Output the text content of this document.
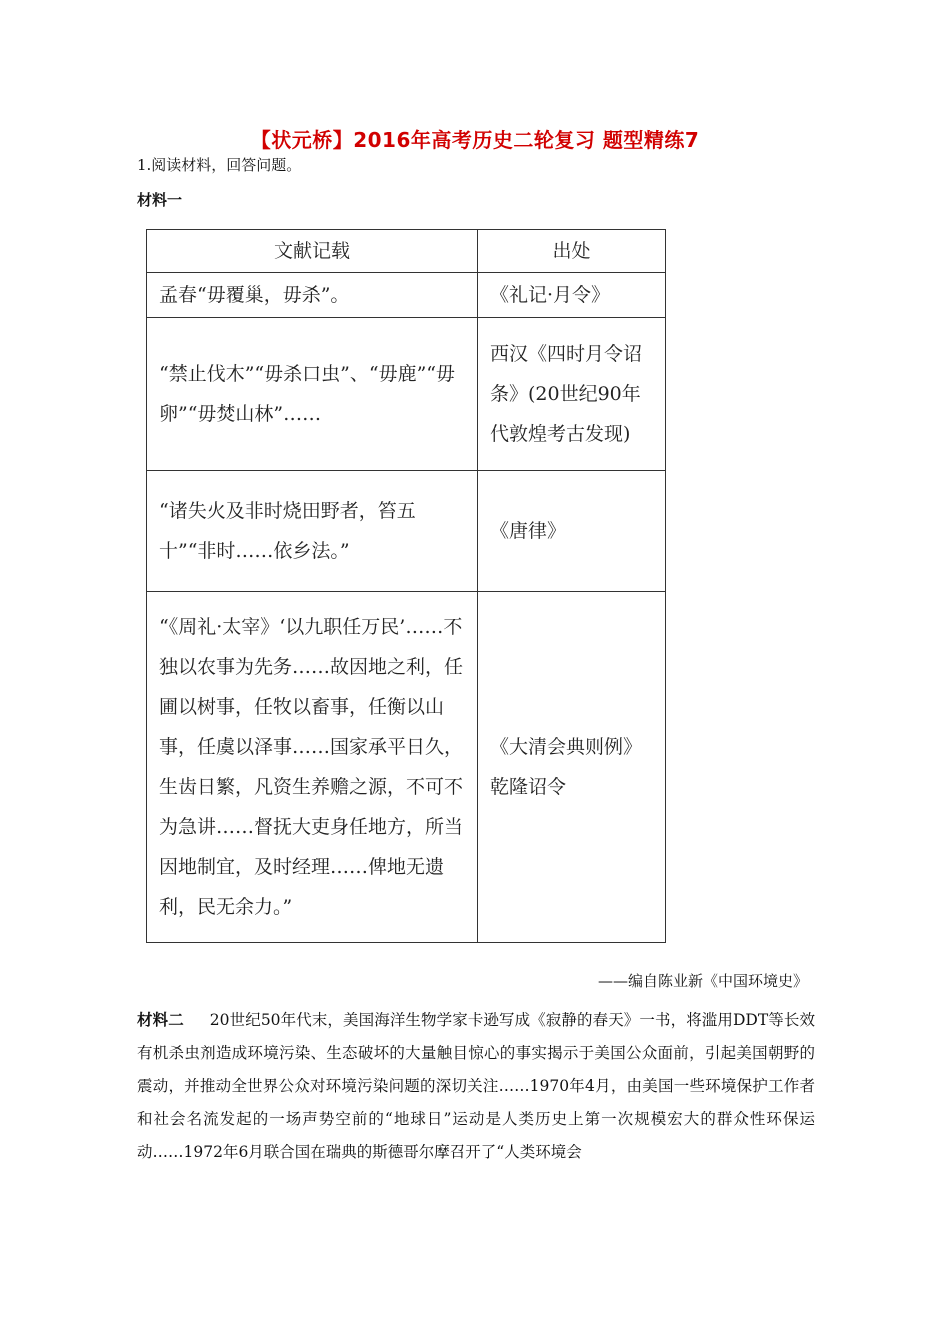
【状元桥】2016年高考历史二轮复习 题型精练7
1.阅读材料，回答问题。
材料一
文献记载	出处
孟春“毋覆巢，毋杀”。	《礼记·月令》
“禁止伐木”“毋杀口虫”、“毋鹿”“毋卵”“毋焚山林”……	西汉《四时月令诏条》(20世纪90年代敦煌考古发现)
“诸失火及非时烧田野者，笞五十”“非时……依乡法。”	《唐律》
“《周礼·太宰》‘以九职任万民’……不独以农事为先务……故因地之利，任圃以树事，任牧以畜事，任衡以山事，任虞以泽事……国家承平日久，生齿日繁，凡资生养赡之源，不可不为急讲……督抚大吏身任地方，所当因地制宜，及时经理……俾地无遗利，民无余力。”	《大清会典则例》乾隆诏令
——编自陈业新《中国环境史》
材料二 20世纪50年代末，美国海洋生物学家卡逊写成《寂静的春天》一书，将滥用DDT等长效有机杀虫剂造成环境污染、生态破坏的大量触目惊心的事实揭示于美国公众面前，引起美国朝野的震动，并推动全世界公众对环境污染问题的深切关注……1970年4月，由美国一些环境保护工作者和社会名流发起的一场声势空前的“地球日”运动是人类历史上第一次规模宏大的群众性环保运动……1972年6月联合国在瑞典的斯德哥尔摩召开了“人类环境会
